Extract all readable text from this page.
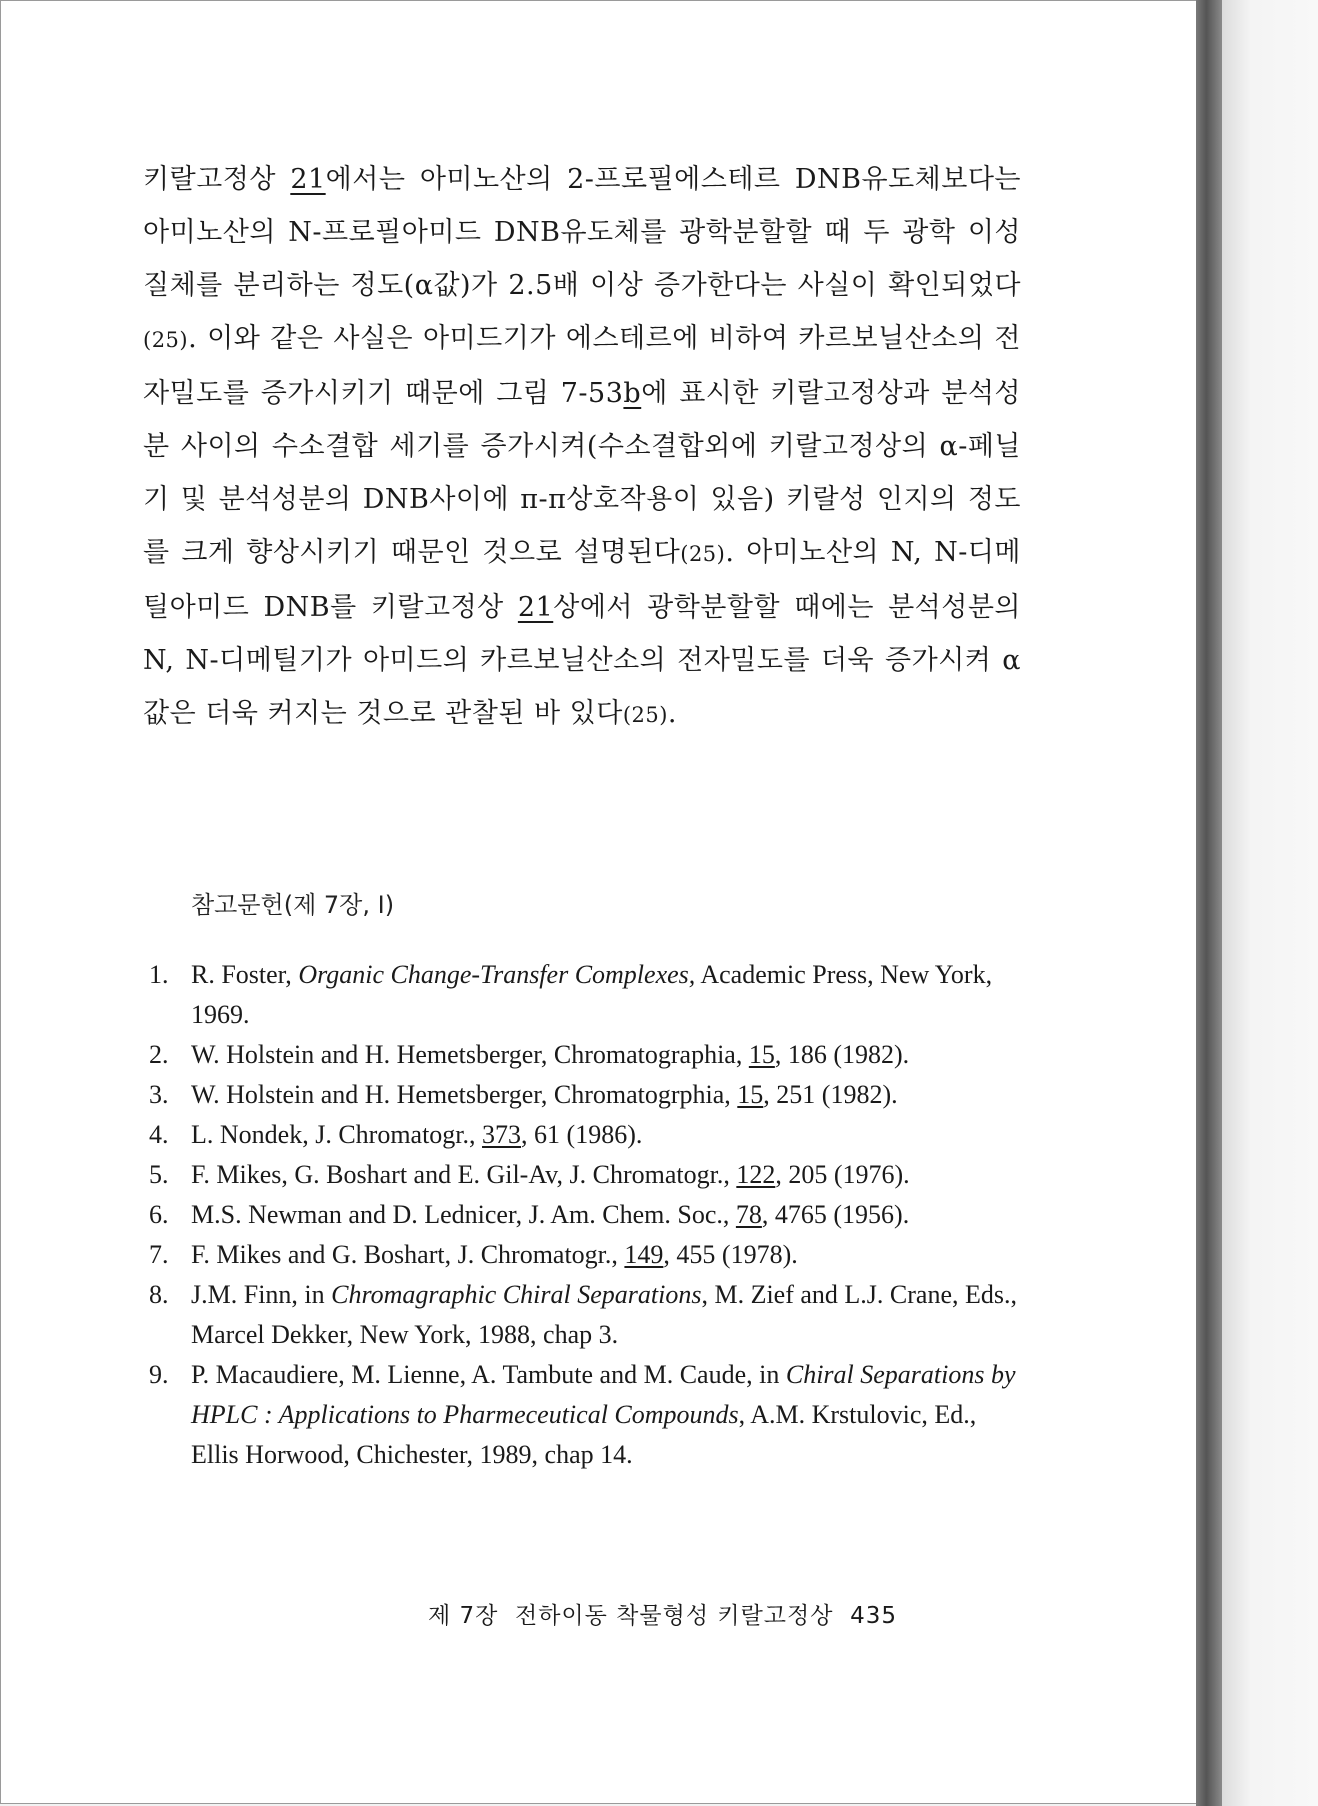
키랄고정상 21에서는 아미노산의 2-프로필에스테르 DNB유도체보다는 아미노산의 N-프로필아미드 DNB유도체를 광학분할할 때 두 광학 이성질체를 분리하는 정도(α값)가 2.5배 이상 증가한다는 사실이 확인되었다(25). 이와 같은 사실은 아미드기가 에스테르에 비하여 카르보닐산소의 전자밀도를 증가시키기 때문에 그림 7-53b에 표시한 키랄고정상과 분석성분 사이의 수소결합 세기를 증가시켜(수소결합외에 키랄고정상의 α-페닐기 및 분석성분의 DNB사이에 π-π상호작용이 있음) 키랄성 인지의 정도를 크게 향상시키기 때문인 것으로 설명된다(25). 아미노산의 N, N-디메틸아미드 DNB를 키랄고정상 21상에서 광학분할할 때에는 분석성분의 N, N-디메틸기가 아미드의 카르보닐산소의 전자밀도를 더욱 증가시켜 α값은 더욱 커지는 것으로 관찰된 바 있다(25).
참고문헌(제 7장, Ⅰ)
1. R. Foster, Organic Change-Transfer Complexes, Academic Press, New York, 1969.
2. W. Holstein and H. Hemetsberger, Chromatographia, 15, 186 (1982).
3. W. Holstein and H. Hemetsberger, Chromatogrphia, 15, 251 (1982).
4. L. Nondek, J. Chromatogr., 373, 61 (1986).
5. F. Mikes, G. Boshart and E. Gil-Av, J. Chromatogr., 122, 205 (1976).
6. M.S. Newman and D. Lednicer, J. Am. Chem. Soc., 78, 4765 (1956).
7. F. Mikes and G. Boshart, J. Chromatogr., 149, 455 (1978).
8. J.M. Finn, in Chromagraphic Chiral Separations, M. Zief and L.J. Crane, Eds., Marcel Dekker, New York, 1988, chap 3.
9. P. Macaudiere, M. Lienne, A. Tambute and M. Caude, in Chiral Separations by HPLC : Applications to Pharmeceutical Compounds, A.M. Krstulovic, Ed., Ellis Horwood, Chichester, 1989, chap 14.
제 7장 전하이동 착물형성 키랄고정상 435
